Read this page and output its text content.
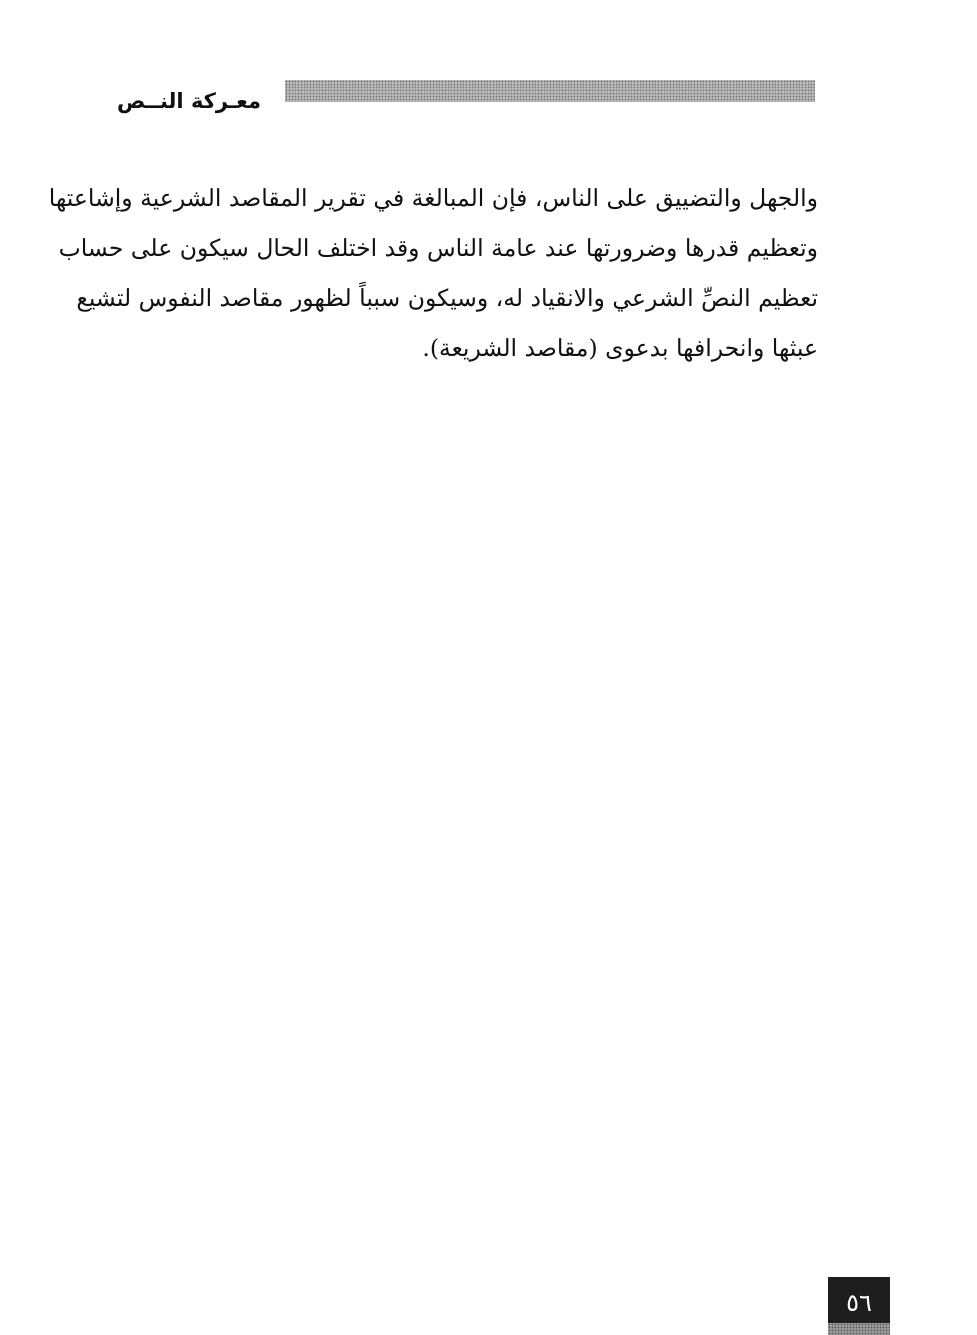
معـركة النــص
والجهل والتضييق على الناس، فإن المبالغة في تقرير المقاصد الشرعية وإشاعتها
وتعظيم قدرها وضرورتها عند عامة الناس وقد اختلف الحال سيكون على حساب
تعظيم النصِّ الشرعي والانقياد له، وسيكون سبباً لظهور مقاصد النفوس لتشيع
عبثها وانحرافها بدعوى (مقاصد الشريعة).
٥٦
